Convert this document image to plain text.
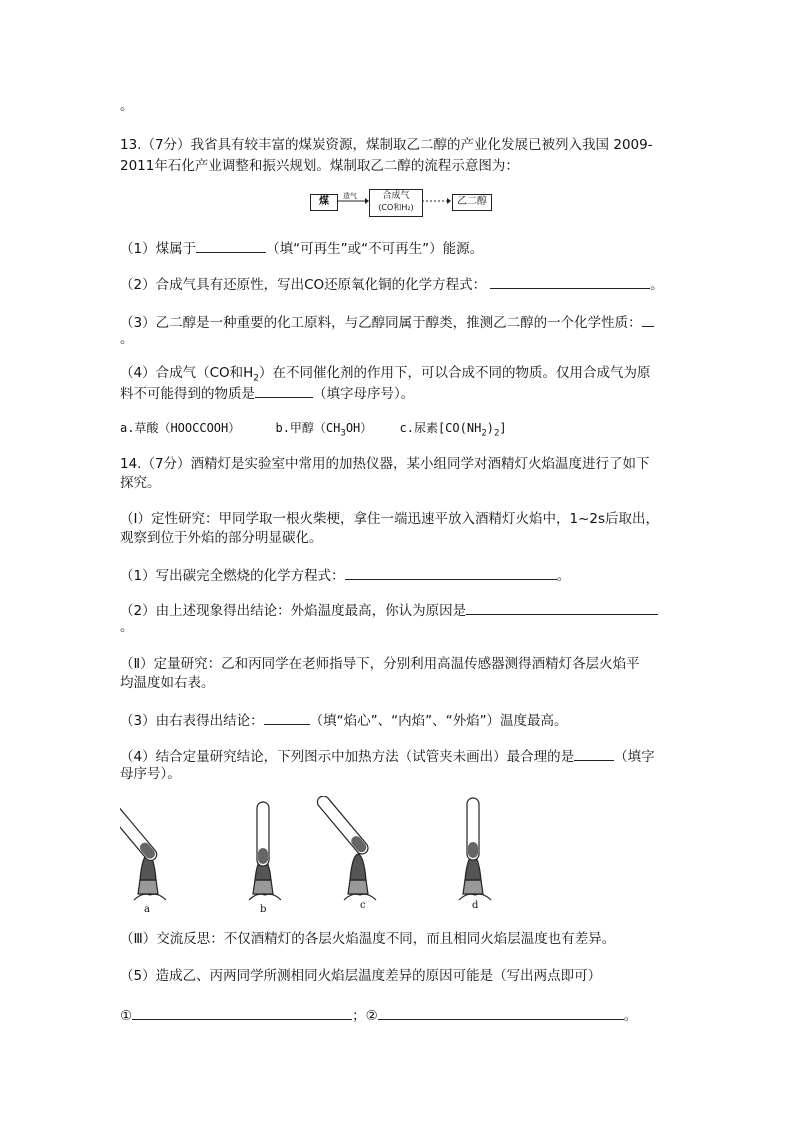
。
13.（7分）我省具有较丰富的煤炭资源，煤制取乙二醇的产业化发展已被列入我国 2009-
2011年石化产业调整和振兴规划。煤制取乙二醇的流程示意图为：
煤	造气	合成气
(CO和H₂)
乙二醇
（1）煤属于	（填“可再生”或“不可再生”）能源。
（2）合成气具有还原性，写出CO还原氧化铜的化学方程式：	。
（3）乙二醇是一种重要的化工原料，与乙醇同属于醇类，推测乙二醇的一个化学性质：
。
（4）合成气（CO和$H_2$）在不同催化剂的作用下，可以合成不同的物质。仅用合成气为原
料不可能得到的物质是	（填字母序号）。
a.草酸（HOOCCOOH）	b.甲醇$(CH_3OH)$ c.尿素$[CO(NH_2)_2]$
14.（7分）酒精灯是实验室中常用的加热仪器，某小组同学对酒精灯火焰温度进行了如下
探究。
（Ⅰ）定性研究：甲同学取一根火柴梗，拿住一端迅速平放入酒精灯火焰中，1~2s后取出，
观察到位于外焰的部分明显碳化。
（1）写出碳完全燃烧的化学方程式：	。
（2）由上述现象得出结论：外焰温度最高，你认为原因是
。
（Ⅱ）定量研究：乙和丙同学在老师指导下，分别利用高温传感器测得酒精灯各层火焰平
均温度如右表。
（3）由右表得出结论：	（填“焰心”、“内焰”、“外焰”）温度最高。
（4）结合定量研究结论，下列图示中加热方法（试管夹未画出）最合理的是	（填字
母序号）。
a	b	c	d
（Ⅲ）交流反思：不仅酒精灯的各层火焰温度不同，而且相同火焰层温度也有差异。
（5）造成乙、丙两同学所测相同火焰层温度差异的原因可能是（写出两点即可）
①	；②	。
